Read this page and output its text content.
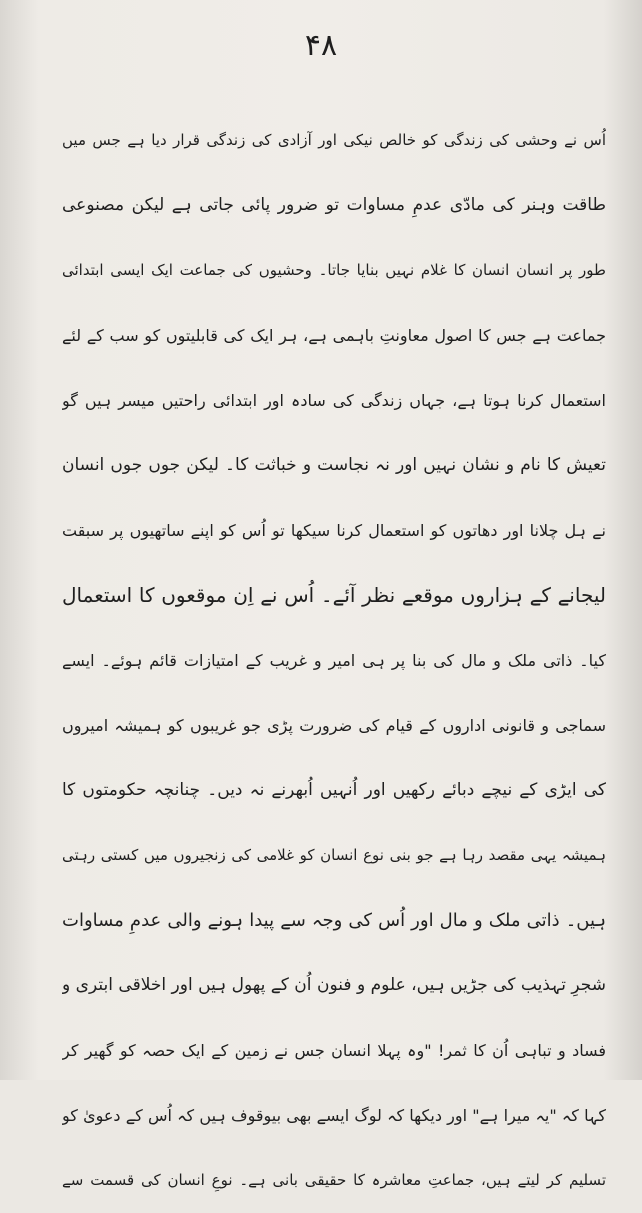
۴۸
اُس نے وحشی کی زندگی کو خالص نیکی اور آزادی کی زندگی قرار دیا ہے جس میں
طاقت وہنر کی مادّی عدمِ مساوات تو ضرور پائی جاتی ہے لیکن مصنوعی
طور پر انسان انسان کا غلام نہیں بنایا جاتا۔ وحشیوں کی جماعت ایک ایسی ابتدائی
جماعت ہے جس کا اصول معاونتِ باہمی ہے، ہر ایک کی قابلیتوں کو سب کے لئے
استعمال کرنا ہوتا ہے، جہاں زندگی کی سادہ اور ابتدائی راحتیں میسر ہیں گو
تعیش کا نام و نشان نہیں اور نہ نجاست و خباثت کا۔ لیکن جوں جوں انسان
نے ہل چلانا اور دھاتوں کو استعمال کرنا سیکھا تو اُس کو اپنے ساتھیوں پر سبقت
لیجانے کے ہزاروں موقعے نظر آئے۔ اُس نے اِن موقعوں کا استعمال
کیا۔ ذاتی ملک و مال کی بنا پر ہی امیر و غریب کے امتیازات قائم ہوئے۔ ایسے
سماجی و قانونی اداروں کے قیام کی ضرورت پڑی جو غریبوں کو ہمیشہ امیروں
کی ایڑی کے نیچے دبائے رکھیں اور اُنہیں اُبھرنے نہ دیں۔ چنانچہ حکومتوں کا
ہمیشہ یہی مقصد رہا ہے جو بنی نوع انسان کو غلامی کی زنجیروں میں کستی رہتی
ہیں۔ ذاتی ملک و مال اور اُس کی وجہ سے پیدا ہونے والی عدمِ مساوات
شجرِ تہذیب کی جڑیں ہیں، علوم و فنون اُن کے پھول ہیں اور اخلاقی ابتری و
فساد و تباہی اُن کا ثمر! "وہ پہلا انسان جس نے زمین کے ایک حصہ کو گھیر کر
کہا کہ "یہ میرا ہے" اور دیکھا کہ لوگ ایسے بھی بیوقوف ہیں کہ اُس کے دعویٰ کو
تسلیم کر لیتے ہیں، جماعتِ معاشرہ کا حقیقی بانی ہے۔ نوعِ انسان کی قسمت سے
